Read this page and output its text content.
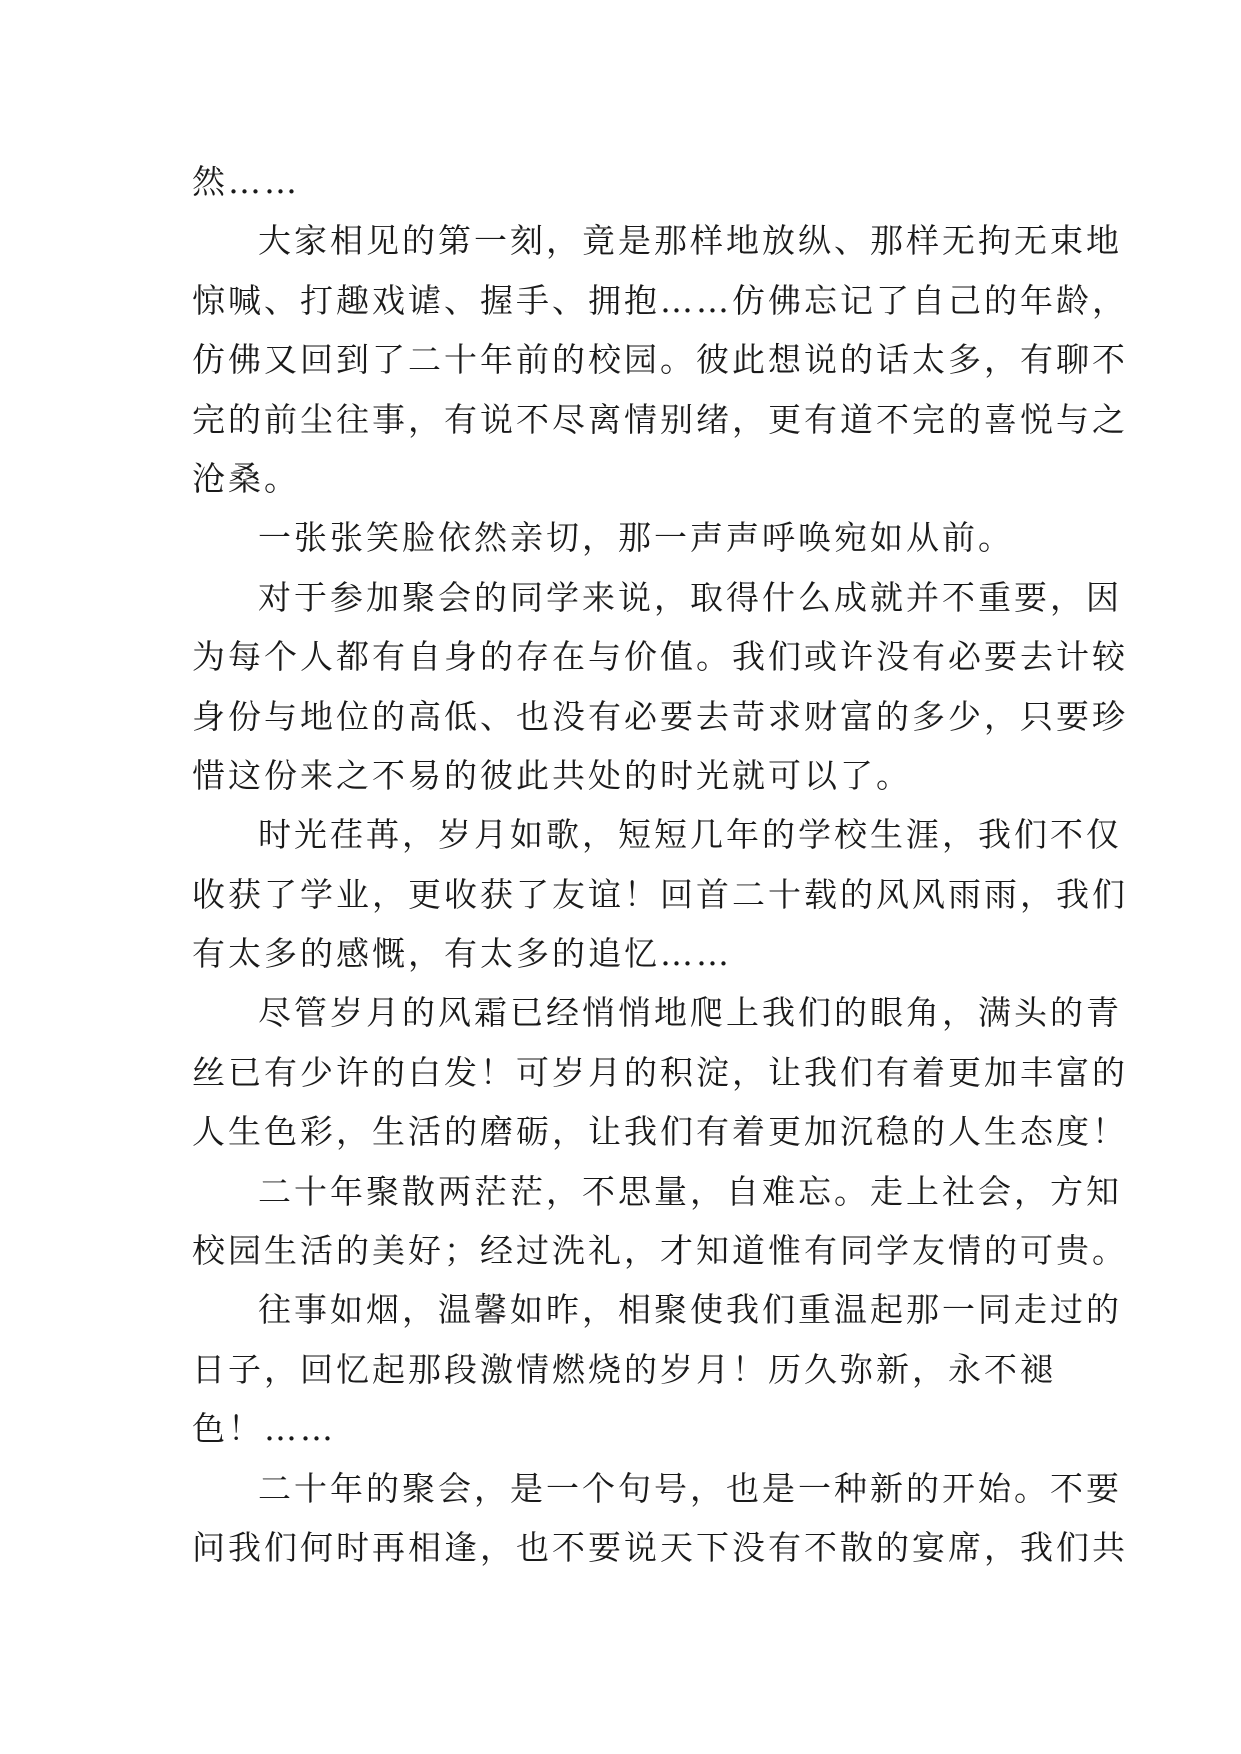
然……
大家相见的第一刻，竟是那样地放纵、那样无拘无束地
惊喊、打趣戏谑、握手、拥抱……仿佛忘记了自己的年龄，
仿佛又回到了二十年前的校园。彼此想说的话太多，有聊不
完的前尘往事，有说不尽离情别绪，更有道不完的喜悦与之
沧桑。
一张张笑脸依然亲切，那一声声呼唤宛如从前。
对于参加聚会的同学来说，取得什么成就并不重要，因
为每个人都有自身的存在与价值。我们或许没有必要去计较
身份与地位的高低、也没有必要去苛求财富的多少，只要珍
惜这份来之不易的彼此共处的时光就可以了。
时光荏苒，岁月如歌，短短几年的学校生涯，我们不仅
收获了学业，更收获了友谊！回首二十载的风风雨雨，我们
有太多的感慨，有太多的追忆……
尽管岁月的风霜已经悄悄地爬上我们的眼角，满头的青
丝已有少许的白发！可岁月的积淀，让我们有着更加丰富的
人生色彩，生活的磨砺，让我们有着更加沉稳的人生态度！
二十年聚散两茫茫，不思量，自难忘。走上社会，方知
校园生活的美好；经过洗礼，才知道惟有同学友情的可贵。
往事如烟，温馨如昨，相聚使我们重温起那一同走过的
日子，回忆起那段激情燃烧的岁月！历久弥新，永不褪
色！……
二十年的聚会，是一个句号，也是一种新的开始。不要
问我们何时再相逢，也不要说天下没有不散的宴席，我们共
